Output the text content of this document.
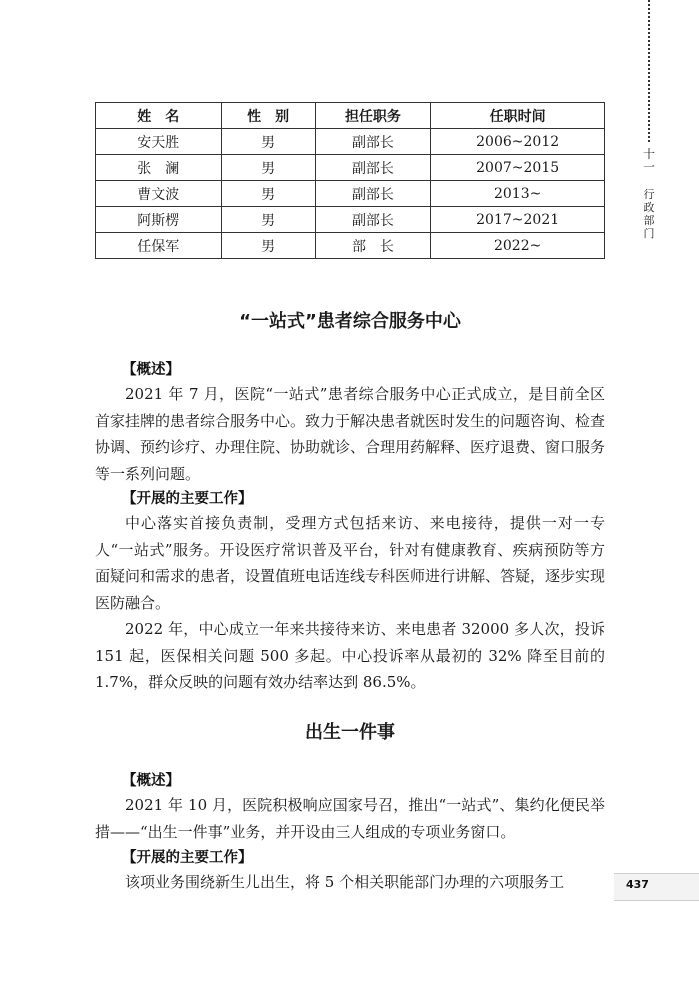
十一
行
政
部
门
437
姓　名	性　别	担任职务	任职时间
安天胜	男	副部长	2006~2012
张　澜	男	副部长	2007~2015
曹文波	男	副部长	2013~
阿斯楞	男	副部长	2017~2021
任保军	男	部　长	2022~
“一站式”患者综合服务中心
【概述】

2021 年 7 月，医院“一站式”患者综合服务中心正式成立，是目前全区首家挂牌的患者综合服务中心。致力于解决患者就医时发生的问题咨询、检查协调、预约诊疗、办理住院、协助就诊、合理用药解释、医疗退费、窗口服务等一系列问题。

【开展的主要工作】

中心落实首接负责制，受理方式包括来访、来电接待，提供一对一专人“一站式”服务。开设医疗常识普及平台，针对有健康教育、疾病预防等方面疑问和需求的患者，设置值班电话连线专科医师进行讲解、答疑，逐步实现医防融合。

2022 年，中心成立一年来共接待来访、来电患者 32000 多人次，投诉 151 起，医保相关问题 500 多起。中心投诉率从最初的 32% 降至目前的 1.7%，群众反映的问题有效办结率达到 86.5%。

出生一件事
【概述】

2021 年 10 月，医院积极响应国家号召，推出“一站式”、集约化便民举措——“出生一件事”业务，并开设由三人组成的专项业务窗口。

【开展的主要工作】

该项业务围绕新生儿出生，将 5 个相关职能部门办理的六项服务工
